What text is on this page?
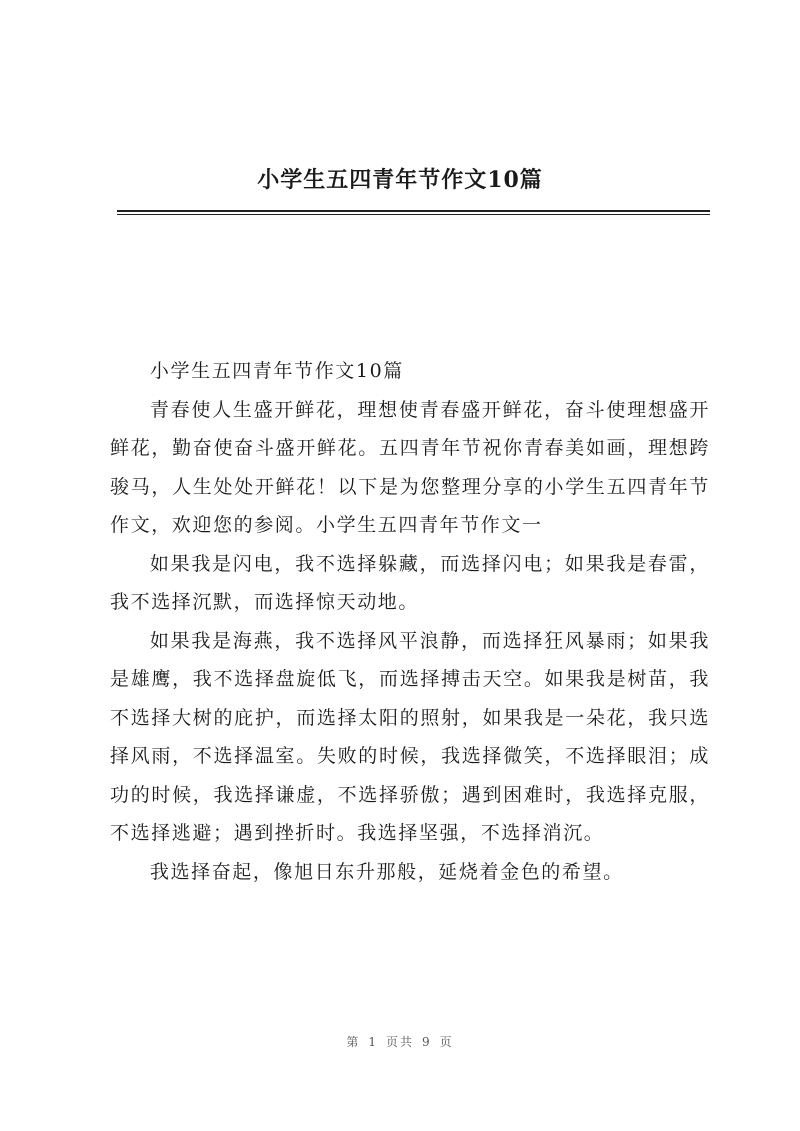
小学生五四青年节作文10篇

小学生五四青年节作文10篇

青春使人生盛开鲜花，理想使青春盛开鲜花，奋斗使理想盛开鲜花，勤奋使奋斗盛开鲜花。五四青年节祝你青春美如画，理想跨骏马，人生处处开鲜花！以下是为您整理分享的小学生五四青年节作文，欢迎您的参阅。小学生五四青年节作文一

如果我是闪电，我不选择躲藏，而选择闪电；如果我是春雷，我不选择沉默，而选择惊天动地。

如果我是海燕，我不选择风平浪静，而选择狂风暴雨；如果我是雄鹰，我不选择盘旋低飞，而选择搏击天空。如果我是树苗，我不选择大树的庇护，而选择太阳的照射，如果我是一朵花，我只选择风雨，不选择温室。失败的时候，我选择微笑，不选择眼泪；成功的时候，我选择谦虚，不选择骄傲；遇到困难时，我选择克服，不选择逃避；遇到挫折时。我选择坚强，不选择消沉。

我选择奋起，像旭日东升那般，延烧着金色的希望。

第 1 页共 9 页
